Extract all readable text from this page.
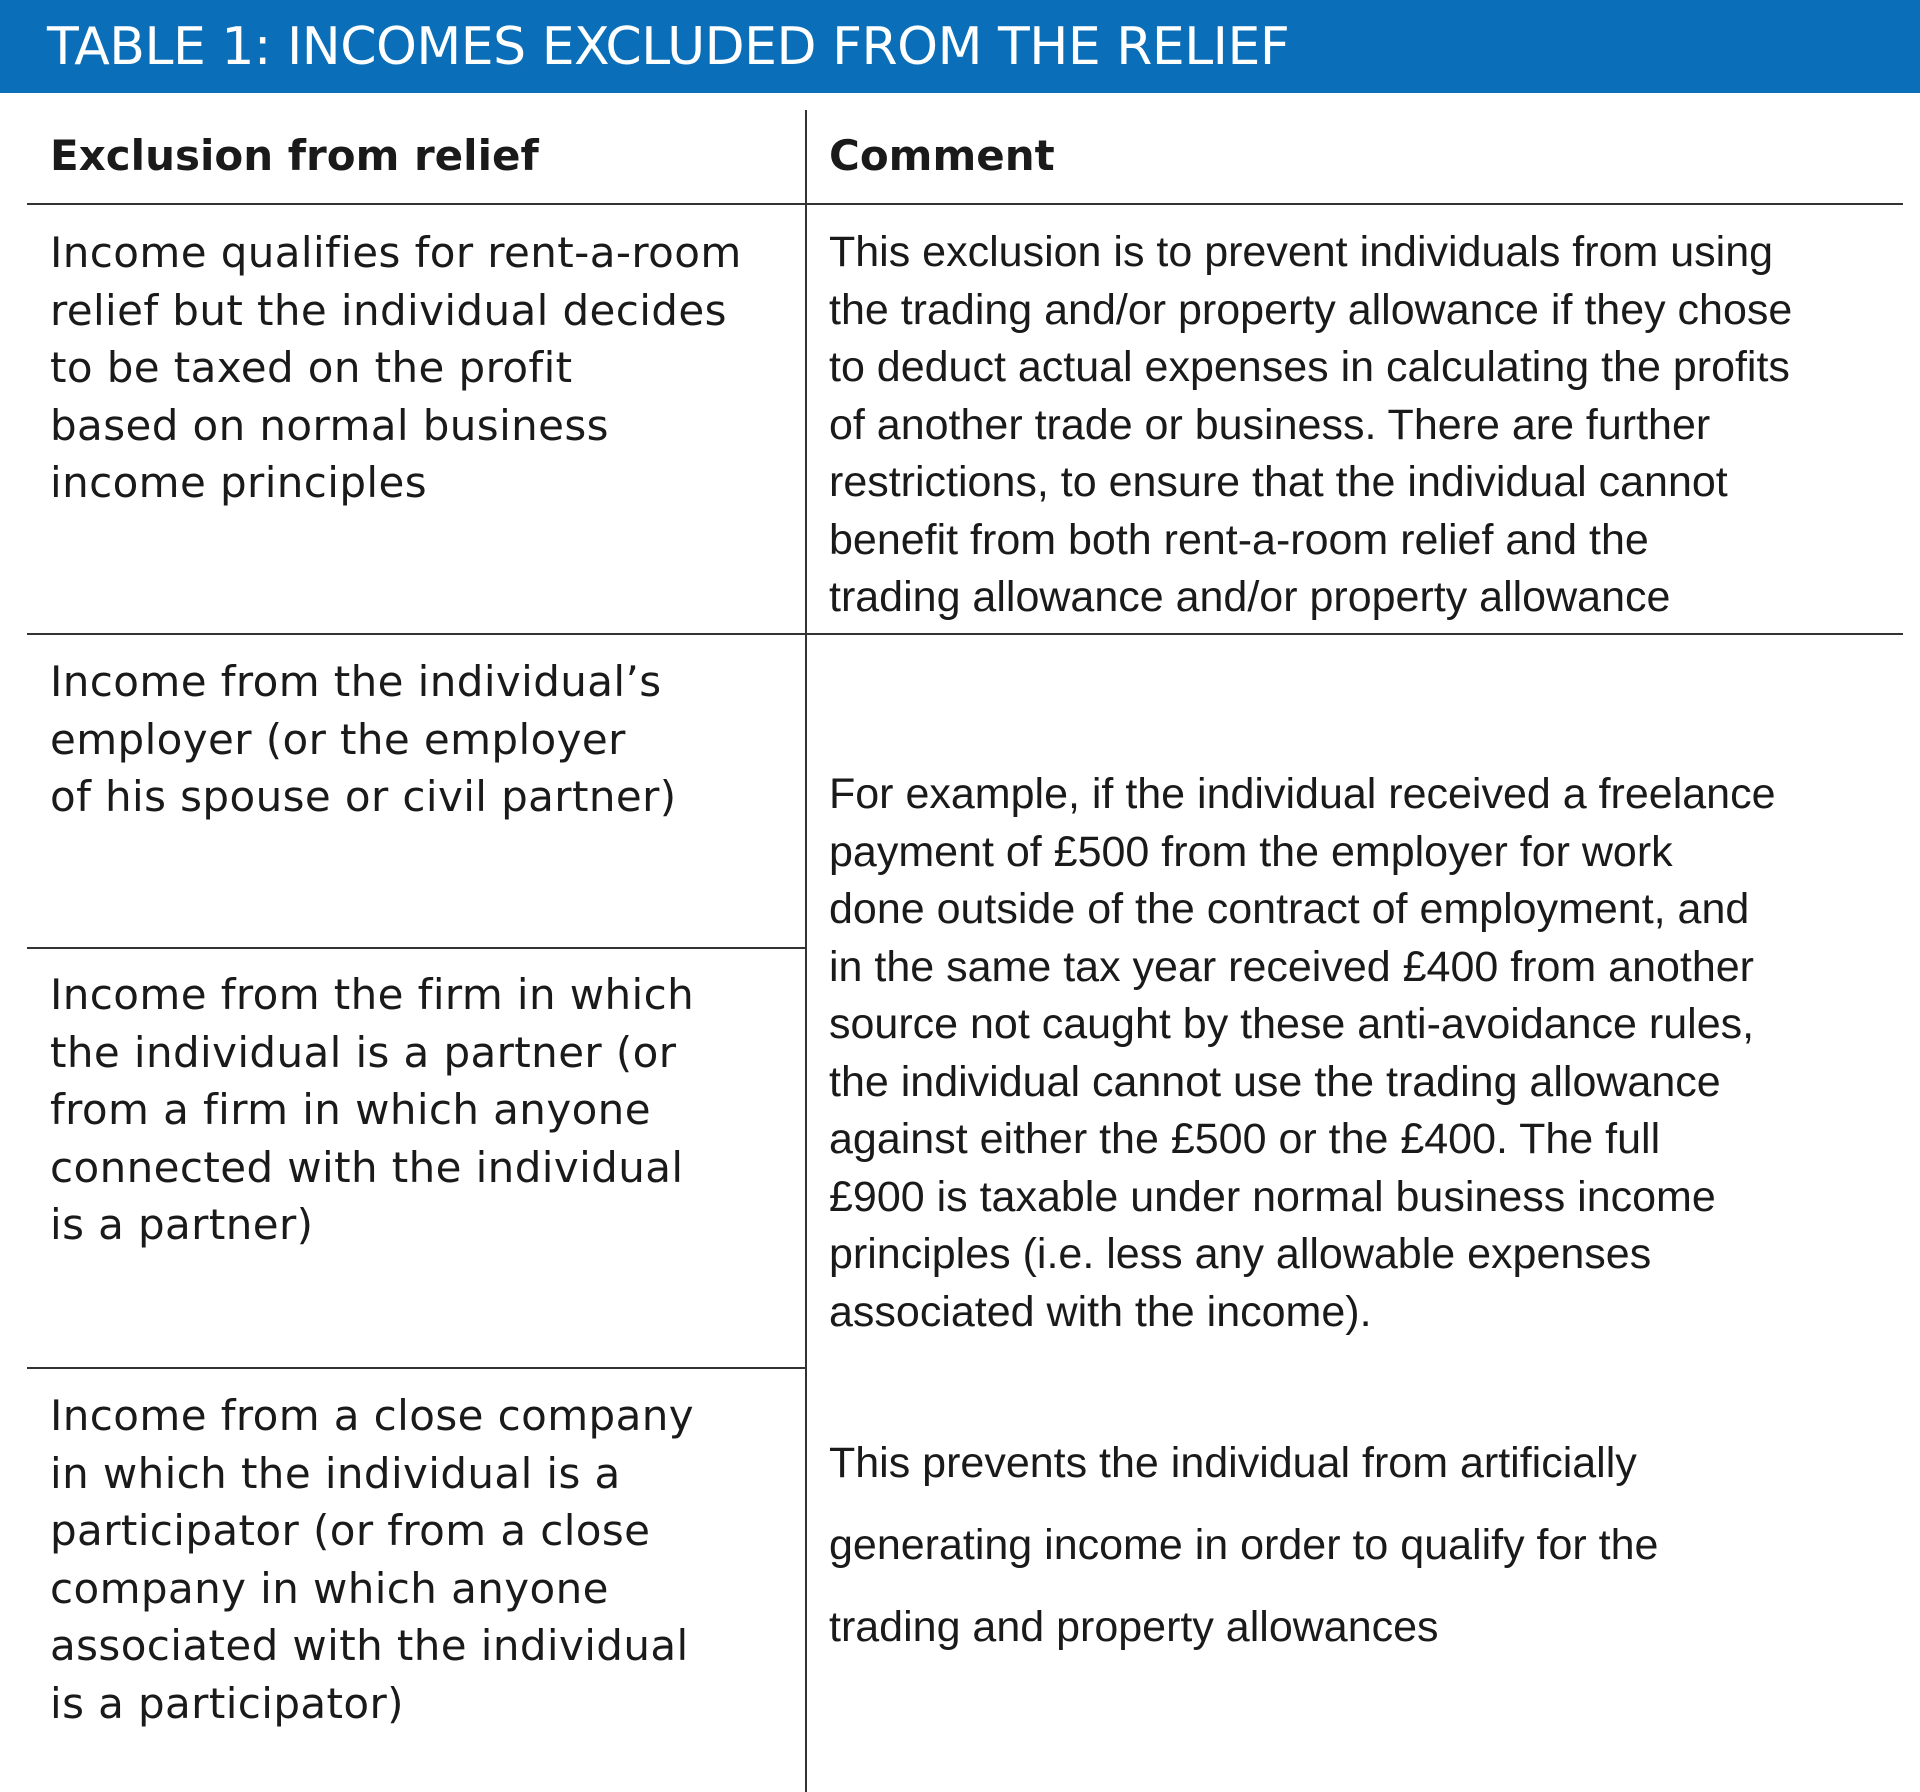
TABLE 1: INCOMES EXCLUDED FROM THE RELIEF
Exclusion from relief	Comment
Income qualifies for rent-a-room
relief but the individual decides
to be taxed on the profit
based on normal business
income principles
This exclusion is to prevent individuals from using
the trading and/or property allowance if they chose
to deduct actual expenses in calculating the profits
of another trade or business. There are further
restrictions, to ensure that the individual cannot
benefit from both rent-a-room relief and the
trading allowance and/or property allowance
Income from the individual’s
employer (or the employer
of his spouse or civil partner)
Income from the firm in which
the individual is a partner (or
from a firm in which anyone
connected with the individual
is a partner)
For example, if the individual received a freelance
payment of £500 from the employer for work
done outside of the contract of employment, and
in the same tax year received £400 from another
source not caught by these anti-avoidance rules,
the individual cannot use the trading allowance
against either the £500 or the £400. The full
£900 is taxable under normal business income
principles (i.e. less any allowable expenses
associated with the income).
Income from a close company
in which the individual is a
participator (or from a close
company in which anyone
associated with the individual
is a participator)
This prevents the individual from artificially
generating income in order to qualify for the
trading and property allowances
